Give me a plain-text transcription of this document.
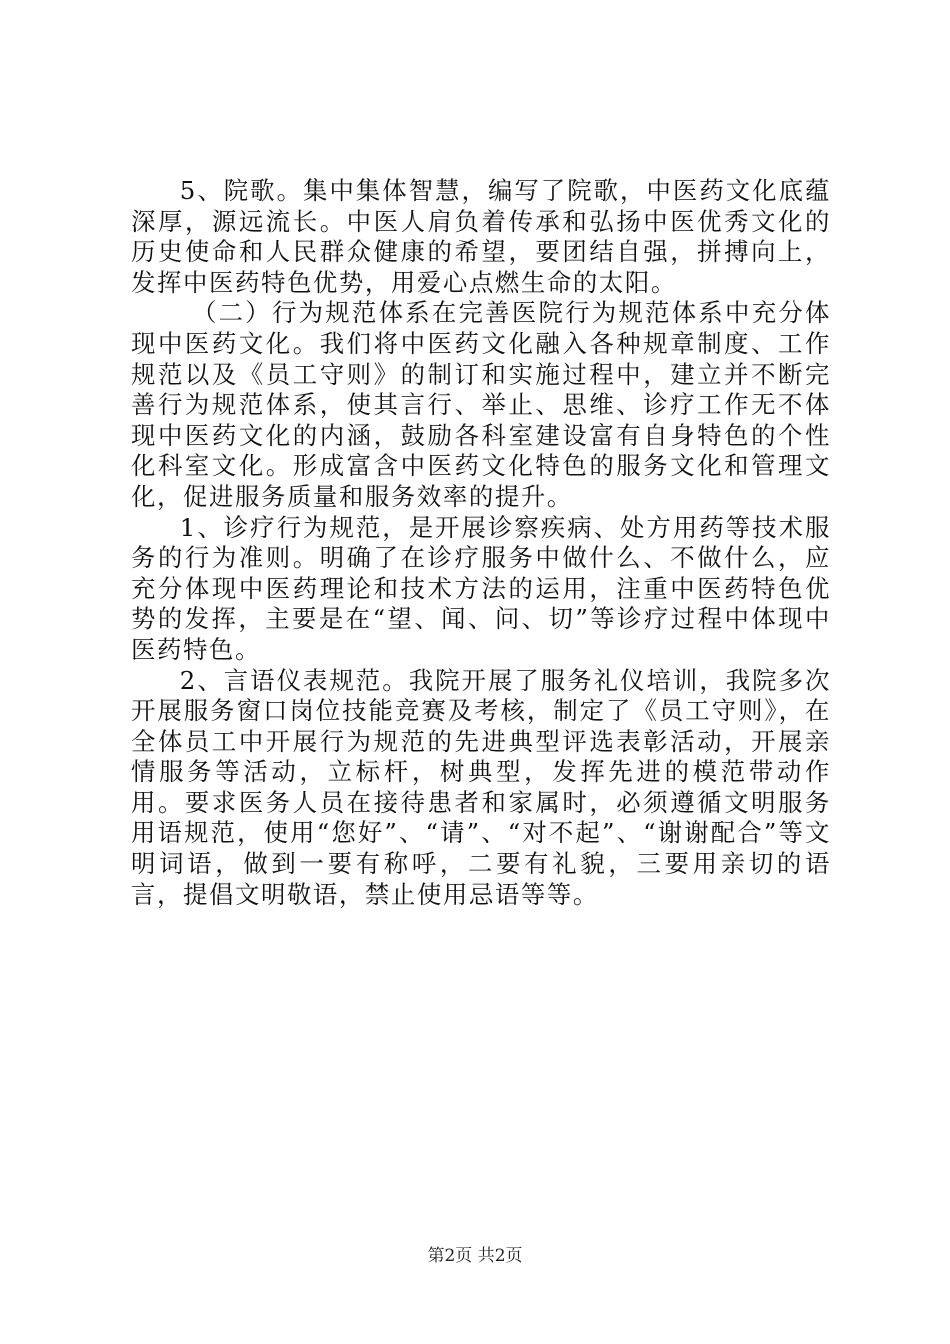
5、院歌。集中集体智慧，编写了院歌，中医药文化底蕴深厚，源远流长。中医人肩负着传承和弘扬中医优秀文化的历史使命和人民群众健康的希望，要团结自强，拼搏向上，发挥中医药特色优势，用爱心点燃生命的太阳。

（二）行为规范体系在完善医院行为规范体系中充分体现中医药文化。我们将中医药文化融入各种规章制度、工作规范以及《员工守则》的制订和实施过程中，建立并不断完善行为规范体系，使其言行、举止、思维、诊疗工作无不体现中医药文化的内涵，鼓励各科室建设富有自身特色的个性化科室文化。形成富含中医药文化特色的服务文化和管理文化，促进服务质量和服务效率的提升。

1、诊疗行为规范，是开展诊察疾病、处方用药等技术服务的行为准则。明确了在诊疗服务中做什么、不做什么，应充分体现中医药理论和技术方法的运用，注重中医药特色优势的发挥，主要是在“望、闻、问、切”等诊疗过程中体现中医药特色。

2、言语仪表规范。我院开展了服务礼仪培训，我院多次开展服务窗口岗位技能竞赛及考核，制定了《员工守则》，在全体员工中开展行为规范的先进典型评选表彰活动，开展亲情服务等活动，立标杆，树典型，发挥先进的模范带动作用。要求医务人员在接待患者和家属时，必须遵循文明服务用语规范，使用“您好”、“请”、“对不起”、“谢谢配合”等文明词语，做到一要有称呼，二要有礼貌，三要用亲切的语言，提倡文明敬语，禁止使用忌语等等。

第2页 共2页
